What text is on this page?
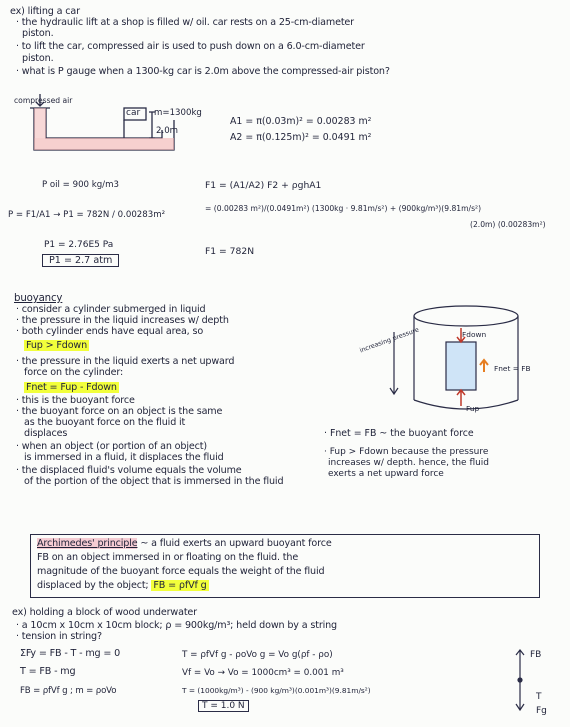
ex) lifting a car
· the hydraulic lift at a shop is filled w/ oil. car rests on a 25-cm-diameter
piston.
· to lift the car, compressed air is used to push down on a 6.0-cm-diameter
piston.
· what is P gauge when a 1300-kg car is 2.0m above the compressed-air piston?
compressed air
car m=1300kg
2.0m
P oil = 900 kg/m3
A1 = π(0.03m)² = 0.00283 m²
A2 = π(0.125m)² = 0.0491 m²
F1 = (A1/A2) F2 + ρghA1
= (0.00283 m²)/(0.0491m²) (1300kg · 9.81m/s²) + (900kg/m³)(9.81m/s²)
(2.0m) (0.00283m²)
F1 = 782N
P = F1/A1 → P1 = 782N / 0.00283m²
P1 = 2.76E5 Pa
P1 = 2.7 atm
buoyancy
· consider a cylinder submerged in liquid
· the pressure in the liquid increases w/ depth
· both cylinder ends have equal area, so
Fup > Fdown
· the pressure in the liquid exerts a net upward
force on the cylinder:
Fnet = Fup - Fdown
· this is the buoyant force
· the buoyant force on an object is the same
as the buoyant force on the fluid it
displaces
· when an object (or portion of an object)
is immersed in a fluid, it displaces the fluid
· the displaced fluid's volume equals the volume
of the portion of the object that is immersed in the fluid
increasing pressure	Fdown
Fnet = FB
Fup
· Fnet = FB ~ the buoyant force
· Fup > Fdown because the pressure
increases w/ depth. hence, the fluid
exerts a net upward force
Archimedes' principle ~ a fluid exerts an upward buoyant force
FB on an object immersed in or floating on the fluid. the
magnitude of the buoyant force equals the weight of the fluid
displaced by the object; FB = ρfVf g
ex) holding a block of wood underwater
· a 10cm x 10cm x 10cm block; ρ = 900kg/m³; held down by a string
· tension in string?
ΣFy = FB - T - mg = 0
T = FB - mg
FB = ρfVf g ; m = ρoVo
T = ρfVf g - ρoVo g = Vo g(ρf - ρo)
Vf = Vo → Vo = 1000cm³ = 0.001 m³
T = (1000kg/m³) - (900 kg/m³)(0.001m³)(9.81m/s²)
T = 1.0 N
FB
T
Fg
